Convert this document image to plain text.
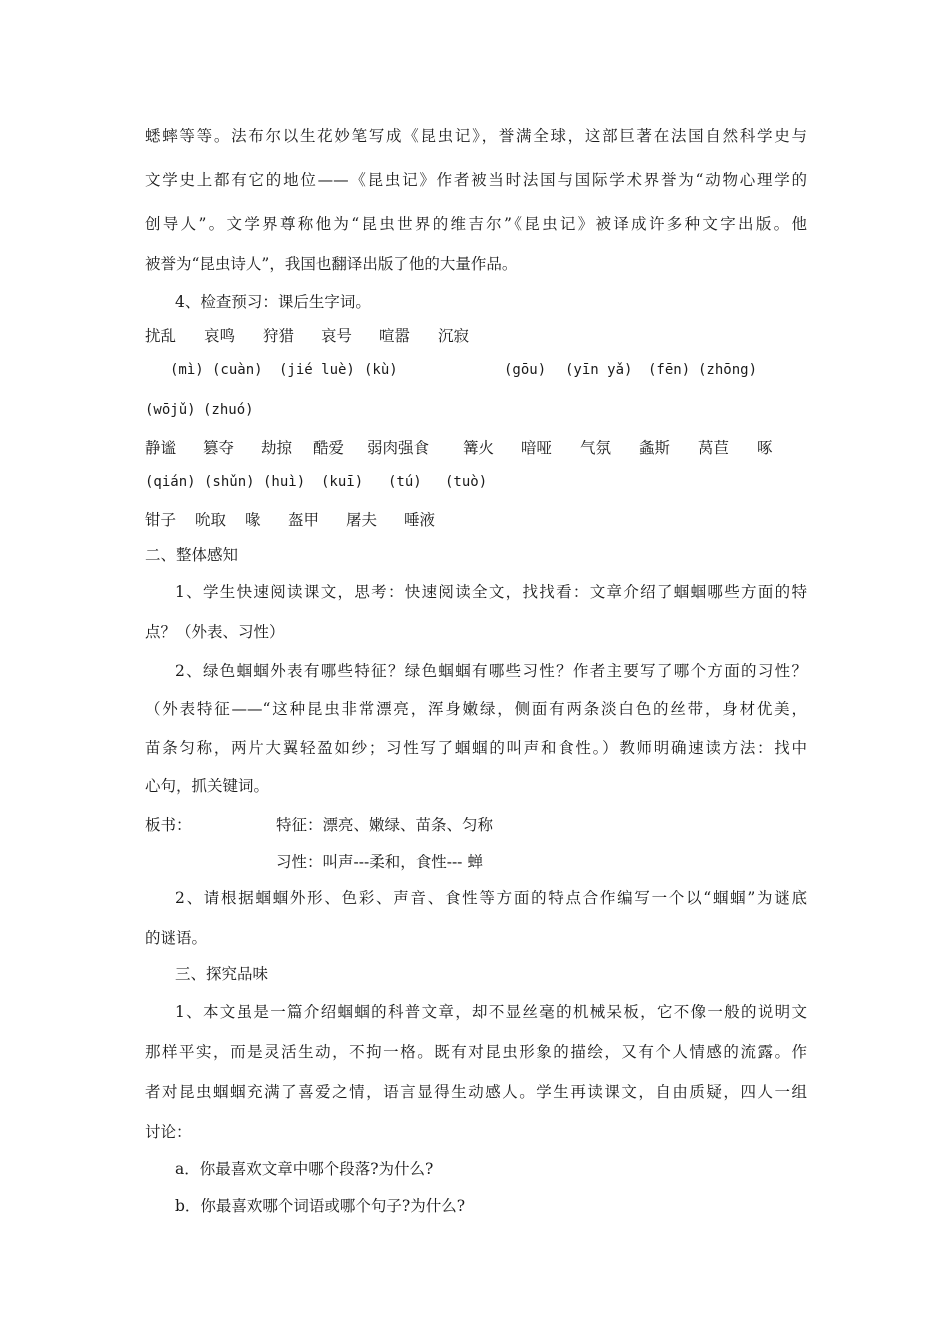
蟋蟀等等。法布尔以生花妙笔写成《昆虫记》，誉满全球，这部巨著在法国自然科学史与
文学史上都有它的地位——《昆虫记》作者被当时法国与国际学术界誉为“动物心理学的
创导人”。文学界尊称他为“昆虫世界的维吉尔”《昆虫记》被译成许多种文字出版。他
被誉为“昆虫诗人”，我国也翻译出版了他的大量作品。
4、检查预习：课后生字词。
扰乱 哀鸣 狩猎 哀号 喧嚣 沉寂
(mì) (cuàn) (jié luè) (kù)	(gōu) (yīn yǎ) (fēn) (zhōng)
(wōjǔ) (zhuó)
静谧 篡夺 劫掠 酷爱 弱肉强食 篝火 喑哑 气氛 螽斯 莴苣 啄
(qián) (shǔn) (huì) (kuī) (tú) (tuò)
钳子 吮取 喙 盔甲 屠夫 唾液
二、整体感知
1、学生快速阅读课文，思考：快速阅读全文，找找看：文章介绍了蝈蝈哪些方面的特
点？（外表、习性）
2、绿色蝈蝈外表有哪些特征？绿色蝈蝈有哪些习性？作者主要写了哪个方面的习性？
（外表特征——“这种昆虫非常漂亮，浑身嫩绿，侧面有两条淡白色的丝带，身材优美，
苗条匀称，两片大翼轻盈如纱；习性写了蝈蝈的叫声和食性。）教师明确速读方法：找中
心句，抓关键词。
板书：	特征：漂亮、嫩绿、苗条、匀称
习性：叫声---柔和，食性--- 蝉
2、请根据蝈蝈外形、色彩、声音、食性等方面的特点合作编写一个以“蝈蝈”为谜底
的谜语。
三、探究品味
1、本文虽是一篇介绍蝈蝈的科普文章，却不显丝毫的机械呆板，它不像一般的说明文
那样平实，而是灵活生动，不拘一格。既有对昆虫形象的描绘，又有个人情感的流露。作
者对昆虫蝈蝈充满了喜爱之情，语言显得生动感人。学生再读课文，自由质疑，四人一组
讨论：
a．你最喜欢文章中哪个段落?为什么?
b．你最喜欢哪个词语或哪个句子?为什么?
